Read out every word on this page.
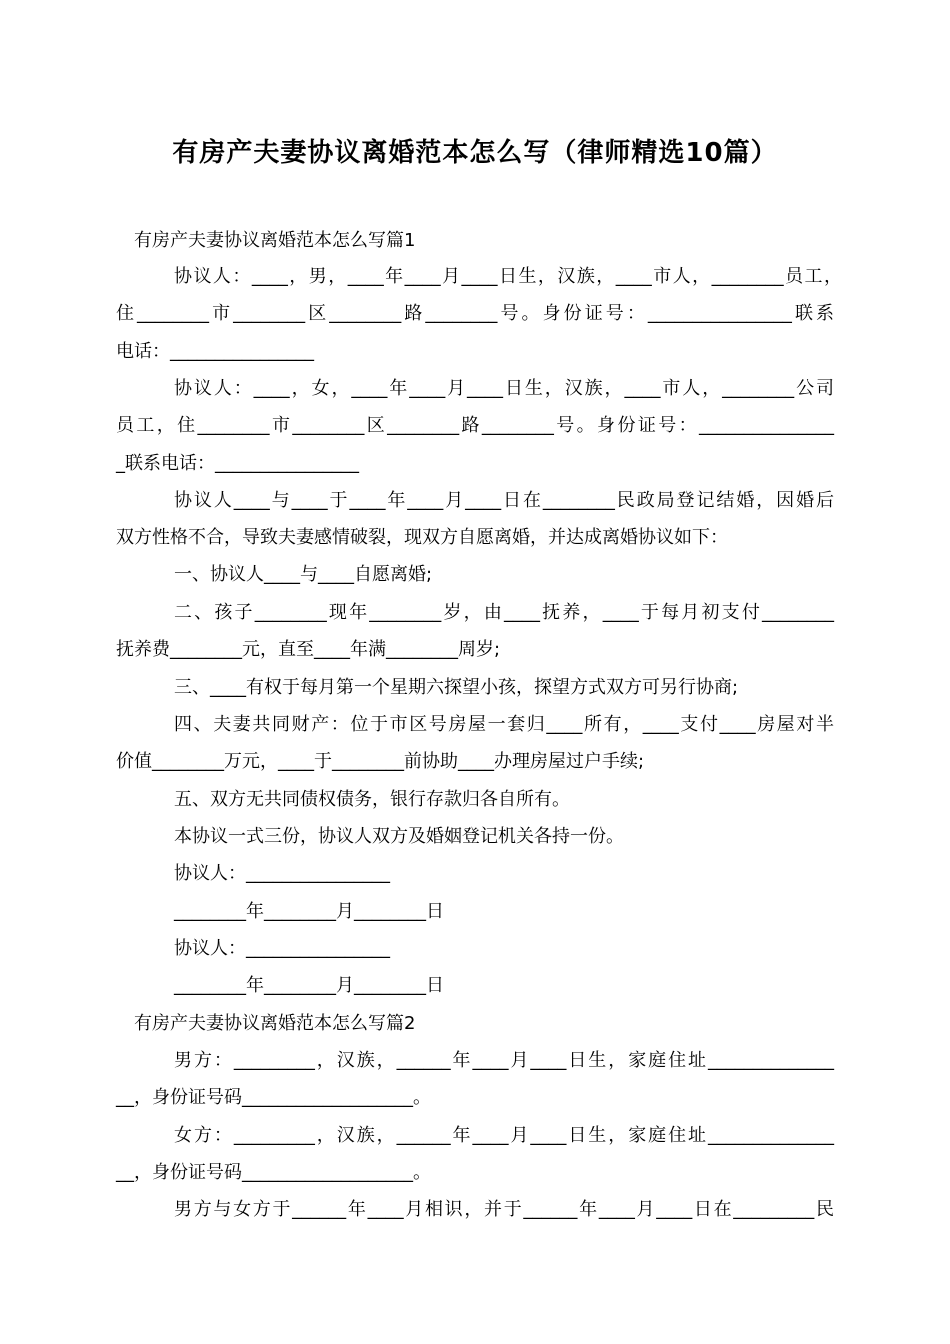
有房产夫妻协议离婚范本怎么写（律师精选10篇）
有房产夫妻协议离婚范本怎么写篇1
协议人：____，男，____年____月____日生，汉族，____市人，________员工，
住________市________区________路________号。身份证号：________________联系
电话：________________
协议人：____，女，____年____月____日生，汉族，____市人，________公司
员工，住________市________区________路________号。身份证号：_______________
_联系电话：________________
协议人____与____于____年____月____日在________民政局登记结婚，因婚后
双方性格不合，导致夫妻感情破裂，现双方自愿离婚，并达成离婚协议如下：
一、协议人____与____自愿离婚;
二、孩子________现年________岁，由____抚养，____于每月初支付________
抚养费________元，直至____年满________周岁;
三、____有权于每月第一个星期六探望小孩，探望方式双方可另行协商;
四、夫妻共同财产：位于市区号房屋一套归____所有，____支付____房屋对半
价值________万元，____于________前协助____办理房屋过户手续;
五、双方无共同债权债务，银行存款归各自所有。
本协议一式三份，协议人双方及婚姻登记机关各持一份。
协议人：________________
________年________月________日
协议人：________________
________年________月________日
有房产夫妻协议离婚范本怎么写篇2
男方：_________，汉族，______年____月____日生，家庭住址______________
__，身份证号码___________________。
女方：_________，汉族，______年____月____日生，家庭住址______________
__，身份证号码___________________。
男方与女方于______年____月相识，并于______年____月____日在_________民
